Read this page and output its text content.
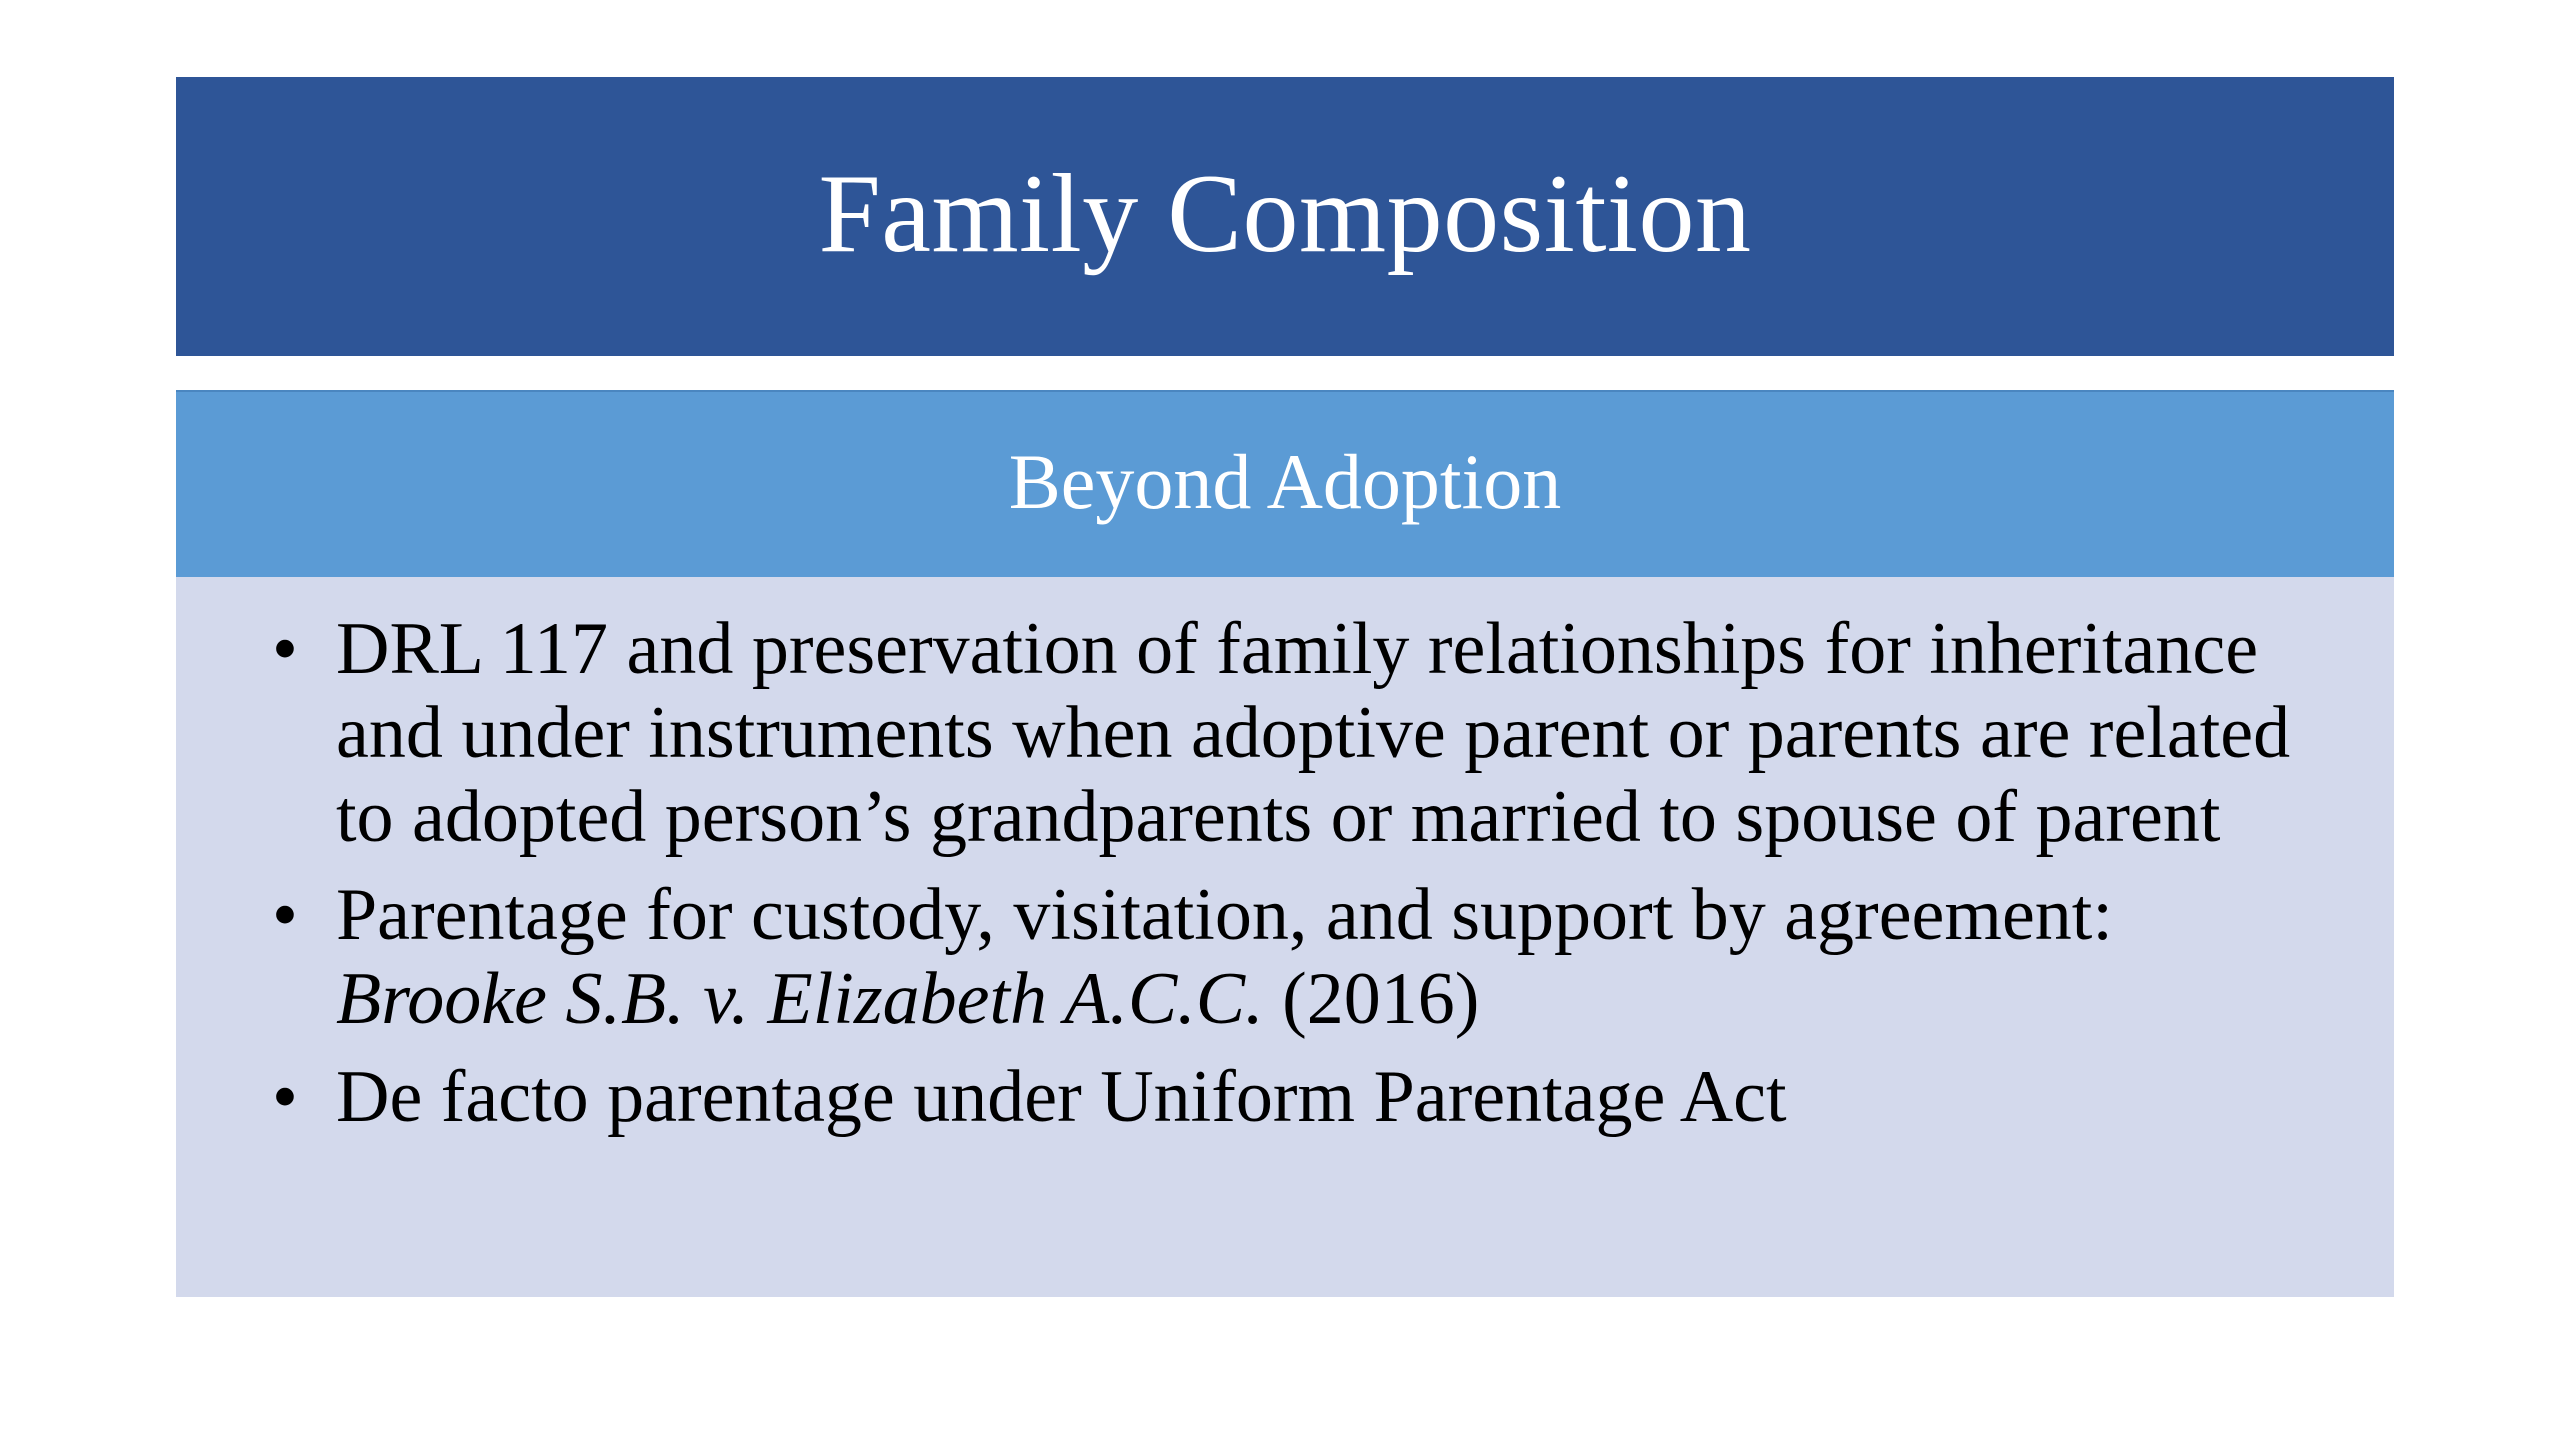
Family Composition
Beyond Adoption
• DRL 117 and preservation of family relationships for inheritance and under instruments when adoptive parent or parents are related to adopted person’s grandparents or married to spouse of parent
• Parentage for custody, visitation, and support by agreement:
Brooke S.B. v. Elizabeth A.C.C. (2016)
• De facto parentage under Uniform Parentage Act
